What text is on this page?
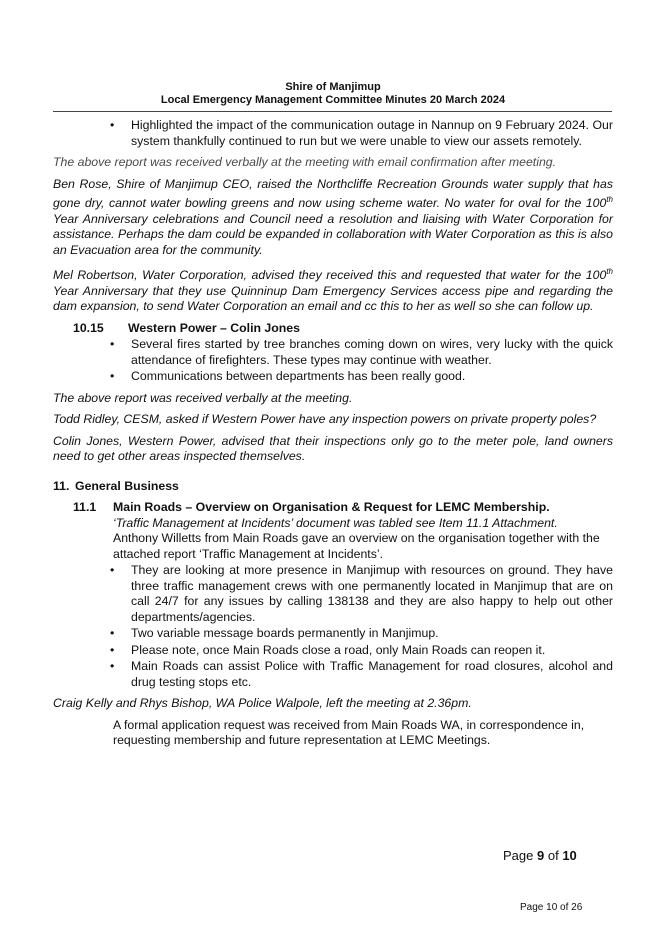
Shire of Manjimup
Local Emergency Management Committee Minutes 20 March 2024
• Highlighted the impact of the communication outage in Nannup on 9 February 2024. Our system thankfully continued to run but we were unable to view our assets remotely.

The above report was received verbally at the meeting with email confirmation after meeting.

Ben Rose, Shire of Manjimup CEO, raised the Northcliffe Recreation Grounds water supply that has gone dry, cannot water bowling greens and now using scheme water. No water for oval for the 100th Year Anniversary celebrations and Council need a resolution and liaising with Water Corporation for assistance. Perhaps the dam could be expanded in collaboration with Water Corporation as this is also an Evacuation area for the community.

Mel Robertson, Water Corporation, advised they received this and requested that water for the 100th Year Anniversary that they use Quinninup Dam Emergency Services access pipe and regarding the dam expansion, to send Water Corporation an email and cc this to her as well so she can follow up.

10.15 Western Power – Colin Jones
• Several fires started by tree branches coming down on wires, very lucky with the quick attendance of firefighters. These types may continue with weather.
• Communications between departments has been really good.

The above report was received verbally at the meeting.

Todd Ridley, CESM, asked if Western Power have any inspection powers on private property poles?

Colin Jones, Western Power, advised that their inspections only go to the meter pole, land owners need to get other areas inspected themselves.

11. General Business
11.1 Main Roads – Overview on Organisation & Request for LEMC Membership.
‘Traffic Management at Incidents’ document was tabled see Item 11.1 Attachment.
Anthony Willetts from Main Roads gave an overview on the organisation together with the attached report ‘Traffic Management at Incidents’.
• They are looking at more presence in Manjimup with resources on ground. They have three traffic management crews with one permanently located in Manjimup that are on call 24/7 for any issues by calling 138138 and they are also happy to help out other departments/agencies.
• Two variable message boards permanently in Manjimup.
• Please note, once Main Roads close a road, only Main Roads can reopen it.
• Main Roads can assist Police with Traffic Management for road closures, alcohol and drug testing stops etc.

Craig Kelly and Rhys Bishop, WA Police Walpole, left the meeting at 2.36pm.

A formal application request was received from Main Roads WA, in correspondence in, requesting membership and future representation at LEMC Meetings.
Page 9 of 10
Page 10 of 26
